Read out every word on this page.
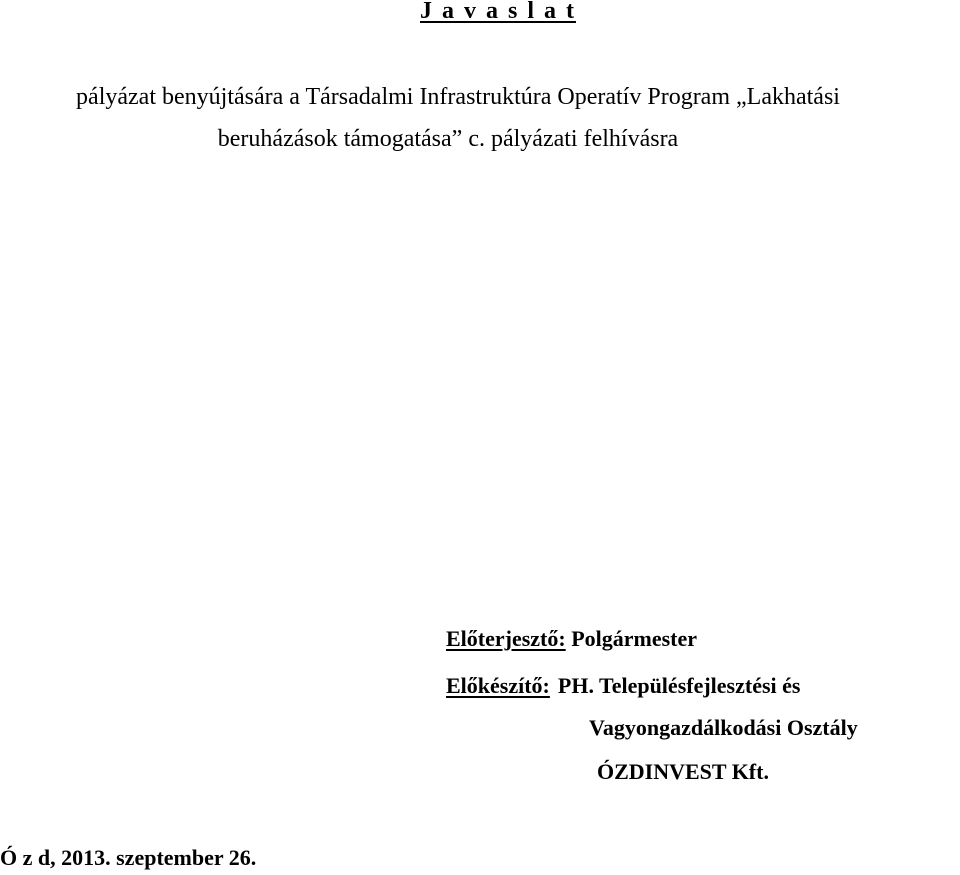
J a v a s l a t
pályázat benyújtására a Társadalmi Infrastruktúra Operatív Program „Lakhatási
beruházások támogatása” c. pályázati felhívásra
Előterjesztő: Polgármester
Előkészítő: PH. Településfejlesztési és
Vagyongazdálkodási Osztály
ÓZDINVEST Kft.
Ó z d, 2013. szeptember 26.
